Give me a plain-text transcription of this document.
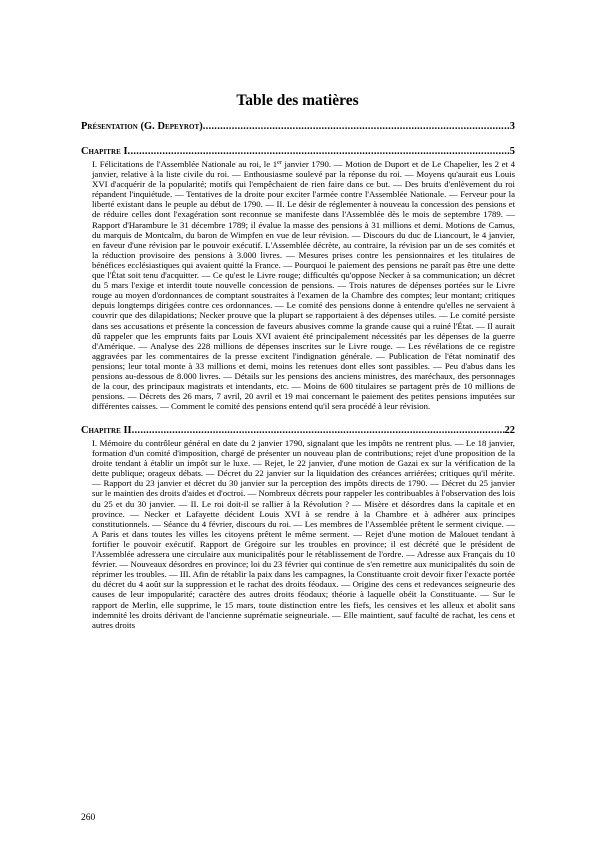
Table des matières
Présentation (G. Depeyrot) .....	3
Chapitre I .....	5

I. Félicitations de l'Assemblée Nationale au roi, le 1er janvier 1790. — Motion de Duport et de Le Chapelier, les 2 et 4 janvier, relative à la liste civile du roi. — Enthousiasme soulevé par la réponse du roi. — Moyens qu'aurait eus Louis XVI d'acquérir de la popularité; motifs qui l'empêchaient de rien faire dans ce but. — Des bruits d'enlèvement du roi répandent l'inquiétude. — Tentatives de la droite pour exciter l'armée contre l'Assemblée Nationale. — Ferveur pour la liberté existant dans le peuple au début de 1790. — II. Le désir de réglementer à nouveau la concession des pensions et de réduire celles dont l'exagération sont reconnue se manifeste dans l'Assemblée dès le mois de septembre 1789. — Rapport d'Harambure le 31 décembre 1789; il évalue la masse des pensions à 31 millions et demi. Motions de Camus, du marquis de Montcalm, du baron de Wimpfen en vue de leur révision. — Discours du duc de Liancourt, le 4 janvier, en faveur d'une révision par le pouvoir exécutif. L'Assemblée décrète, au contraire, la révision par un de ses comités et la réduction provisoire des pensions à 3.000 livres. — Mesures prises contre les pensionnaires et les titulaires de bénéfices ecclésiastiques qui avaient quitté la France. — Pourquoi le paiement des pensions ne paraît pas être une dette que l'État soit tenu d'acquitter. — Ce qu'est le Livre rouge; difficultés qu'oppose Necker à sa communication; un décret du 5 mars l'exige et interdit toute nouvelle concession de pensions. — Trois natures de dépenses portées sur le Livre rouge au moyen d'ordonnances de comptant soustraites à l'examen de la Chambre des comptes; leur montant; critiques depuis longtemps dirigées contre ces ordonnances. — Le comité des pensions donne à entendre qu'elles ne servaient à couvrir que des dilapidations; Necker prouve que la plupart se rapportaient à des dépenses utiles. — Le comité persiste dans ses accusations et présente la concession de faveurs abusives comme la grande cause qui a ruiné l'État. — Il aurait dû rappeler que les emprunts faits par Louis XVI avaient été principalement nécessités par les dépenses de la guerre d'Amérique. — Analyse des 228 millions de dépenses inscrites sur le Livre rouge. — Les révélations de ce registre aggravées par les commentaires de la presse excitent l'indignation générale. — Publication de l'état nominatif des pensions; leur total monte à 33 millions et demi, moins les retenues dont elles sont passibles. — Peu d'abus dans les pensions au-dessous de 8.000 livres. — Détails sur les pensions des anciens ministres, des maréchaux, des personnages de la cour, des principaux magistrats et intendants, etc. — Moins de 600 titulaires se partagent près de 10 millions de pensions. — Décrets des 26 mars, 7 avril, 20 avril et 19 mai concernant le paiement des petites pensions imputées sur différentes caisses. — Comment le comité des pensions entend qu'il sera procédé à leur révision.

Chapitre II .....	22

I. Mémoire du contrôleur général en date du 2 janvier 1790, signalant que les impôts ne rentrent plus. — Le 18 janvier, formation d'un comité d'imposition, chargé de présenter un nouveau plan de contributions; rejet d'une proposition de la droite tendant à établir un impôt sur le luxe. — Rejet, le 22 janvier, d'une motion de Gazai ex sur la vérification de la dette publique; orageux débats. — Décret du 22 janvier sur la liquidation des créances arriérées; critiques qu'il mérite. — Rapport du 23 janvier et décret du 30 janvier sur la perception des impôts directs de 1790. — Décret du 25 janvier sur le maintien des droits d'aides et d'octroi. — Nombreux décrets pour rappeler les contribuables à l'observation des lois du 25 et du 30 janvier. — II. Le roi doit-il se rallier à la Révolution ? — Misère et désordres dans la capitale et en province. — Necker et Lafayette décident Louis XVI à se rendre à la Chambre et à adhérer aux principes constitutionnels. — Séance du 4 février, discours du roi. — Les membres de l'Assemblée prêtent le serment civique. — A Paris et dans toutes les villes les citoyens prêtent le même serment. — Rejet d'une motion de Malouet tendant à fortifier le pouvoir exécutif. Rapport de Grégoire sur les troubles en province; il est décrété que le président de l'Assemblée adressera une circulaire aux municipalités pour le rétablissement de l'ordre. — Adresse aux Français du 10 février. — Nouveaux désordres en province; loi du 23 février qui continue de s'en remettre aux municipalités du soin de réprimer les troubles. — III. Afin de rétablir la paix dans les campagnes, la Constituante croit devoir fixer l'exacte portée du décret du 4 août sur la suppression et le rachat des droits féodaux. — Origine des cens et redevances seigneurie des causes de leur impopularité; caractère des autres droits féodaux; théorie à laquelle obéit la Constituante. — Sur le rapport de Merlin, elle supprime, le 15 mars, toute distinction entre les fiefs, les censives et les alleux et abolit sans indemnité les droits dérivant de l'ancienne suprématie seigneuriale. — Elle maintient, sauf faculté de rachat, les cens et autres droits

260
